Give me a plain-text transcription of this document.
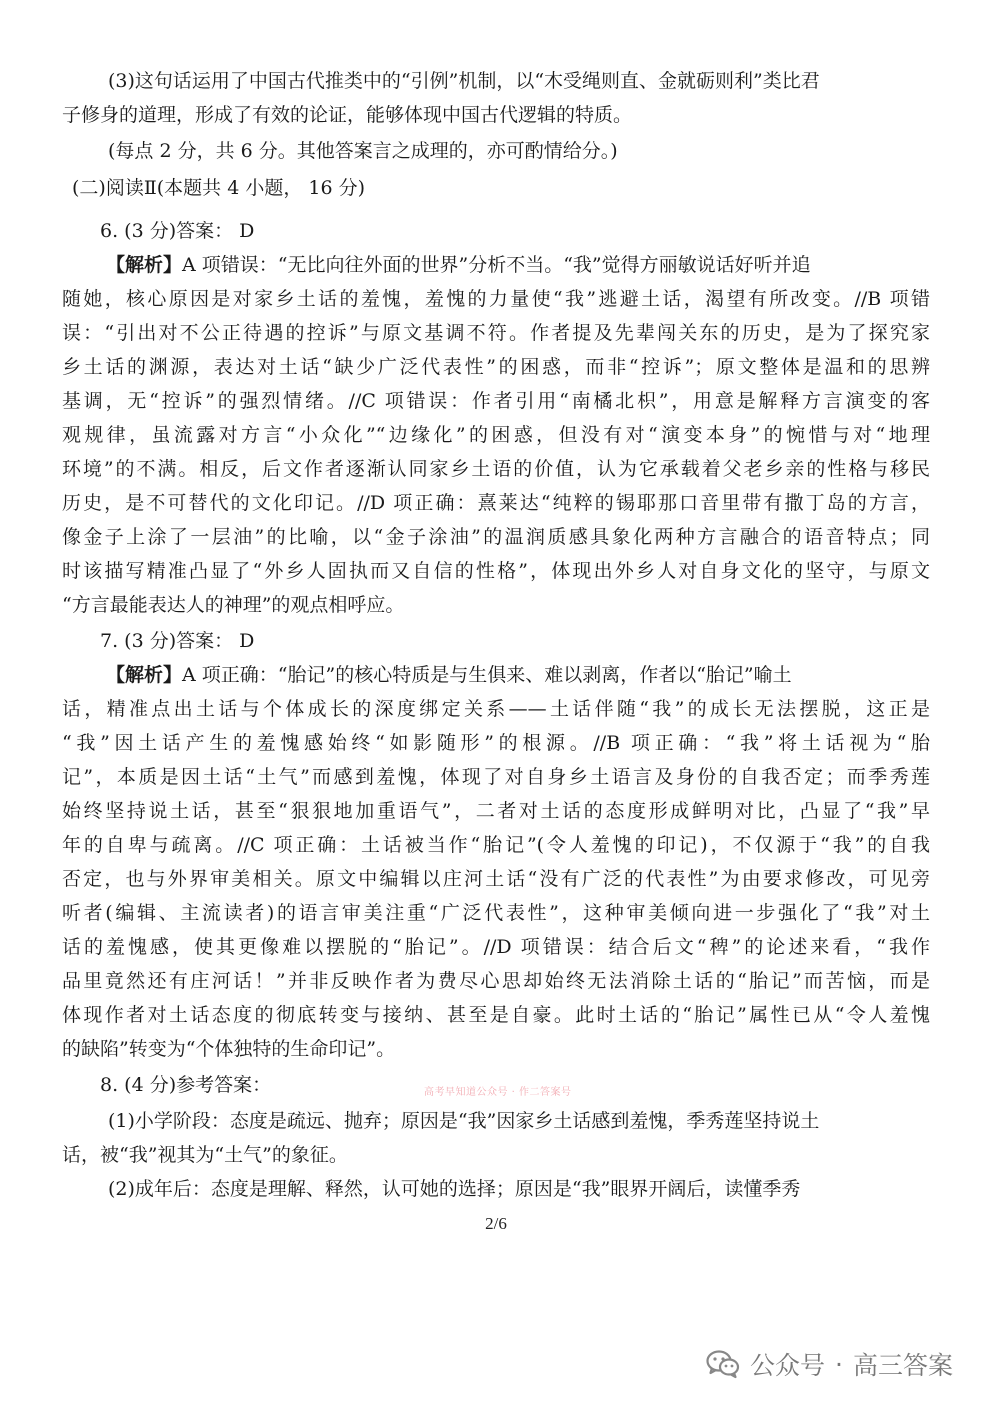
(3)这句话运用了中国古代推类中的“引例”机制，以“木受绳则直、金就砺则利”类比君
子修身的道理，形成了有效的论证，能够体现中国古代逻辑的特质。
(每点 2 分，共 6 分。其他答案言之成理的，亦可酌情给分。)
(二)阅读Ⅱ(本题共 4 小题， 16 分)
6. (3 分)答案： D
【解析】A 项错误：“无比向往外面的世界”分析不当。“我”觉得方丽敏说话好听并追
随她，核心原因是对家乡土话的羞愧，羞愧的力量使“我”逃避土话，渴望有所改变。//B 项错
误：“引出对不公正待遇的控诉”与原文基调不符。作者提及先辈闯关东的历史，是为了探究家
乡土话的渊源，表达对土话“缺少广泛代表性”的困惑，而非“控诉”；原文整体是温和的思辨
基调，无“控诉”的强烈情绪。//C 项错误：作者引用“南橘北枳”，用意是解释方言演变的客
观规律，虽流露对方言“小众化”“边缘化”的困惑，但没有对“演变本身”的惋惜与对“地理
环境”的不满。相反，后文作者逐渐认同家乡土语的价值，认为它承载着父老乡亲的性格与移民
历史，是不可替代的文化印记。//D 项正确：熹莱达“纯粹的锡耶那口音里带有撒丁岛的方言，
像金子上涂了一层油”的比喻，以“金子涂油”的温润质感具象化两种方言融合的语音特点；同
时该描写精准凸显了“外乡人固执而又自信的性格”，体现出外乡人对自身文化的坚守，与原文
“方言最能表达人的神理”的观点相呼应。
7. (3 分)答案： D
【解析】A 项正确：“胎记”的核心特质是与生俱来、难以剥离，作者以“胎记”喻土
话，精准点出土话与个体成长的深度绑定关系——土话伴随“我”的成长无法摆脱，这正是
“我”因土话产生的羞愧感始终“如影随形”的根源。//B 项正确：“我”将土话视为“胎
记”，本质是因土话“土气”而感到羞愧，体现了对自身乡土语言及身份的自我否定；而季秀莲
始终坚持说土话，甚至“狠狠地加重语气”，二者对土话的态度形成鲜明对比，凸显了“我”早
年的自卑与疏离。//C 项正确：土话被当作“胎记”(令人羞愧的印记)，不仅源于“我”的自我
否定，也与外界审美相关。原文中编辑以庄河土话“没有广泛的代表性”为由要求修改，可见旁
听者(编辑、主流读者)的语言审美注重“广泛代表性”，这种审美倾向进一步强化了“我”对土
话的羞愧感，使其更像难以摆脱的“胎记”。//D 项错误：结合后文“稗”的论述来看，“我作
品里竟然还有庄河话！”并非反映作者为费尽心思却始终无法消除土话的“胎记”而苦恼，而是
体现作者对土话态度的彻底转变与接纳、甚至是自豪。此时土话的“胎记”属性已从“令人羞愧
的缺陷”转变为“个体独特的生命印记”。
8. (4 分)参考答案：	高考早知道公众号 · 作二答案号
(1)小学阶段：态度是疏远、抛弃；原因是“我”因家乡土话感到羞愧，季秀莲坚持说土
话，被“我”视其为“土气”的象征。
(2)成年后：态度是理解、释然，认可她的选择；原因是“我”眼界开阔后，读懂季秀
2/6
公众号 · 高三答案
